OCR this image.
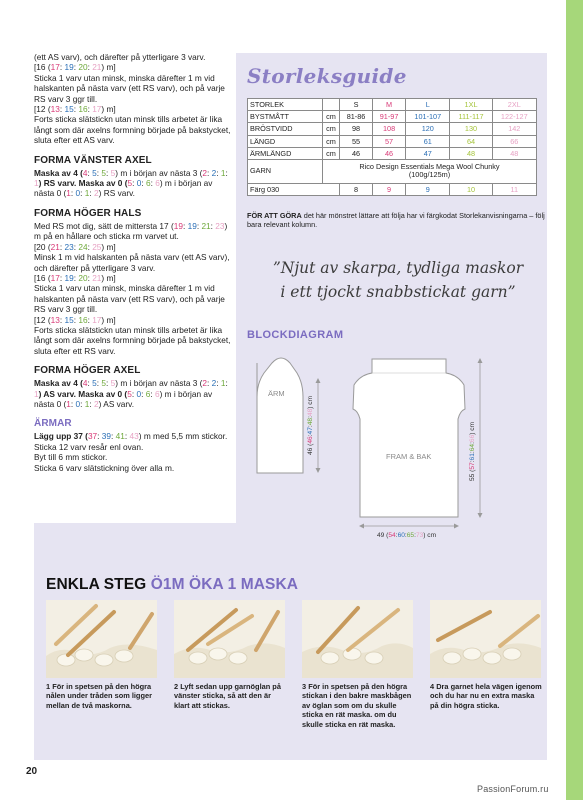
(ett AS varv), och därefter på ytterligare 3 varv.

[16 (17: 19: 20: 21) m]

Sticka 1 varv utan minsk, minska därefter 1 m vid halskanten på nästa varv (ett RS varv), och på varje RS varv 3 ggr till.

[12 (13: 15: 16: 17) m]

Forts sticka slätstickn utan minsk tills arbetet är lika långt som där axelns formning började på bakstycket, sluta efter ett AS varv.

FORMA VÄNSTER AXEL

Maska av 4 (4: 5: 5: 5) m i början av nästa 3 (2: 2: 1: 1) RS varv. Maska av 0 (5: 0: 6: 6) m i början av nästa 0 (1: 0: 1: 2) RS varv.

FORMA HÖGER HALS

Med RS mot dig, sätt de mittersta 17 (19: 19: 21: 23) m på en hållare och sticka rm varvet ut.

[20 (21: 23: 24: 25) m]

Minsk 1 m vid halskanten på nästa varv (ett AS varv), och därefter på ytterligare 3 varv.

[16 (17: 19: 20: 21) m]

Sticka 1 varv utan minsk, minska därefter 1 m vid halskanten på nästa varv (ett RS varv), och på varje RS varv 3 ggr till.

[12 (13: 15: 16: 17) m]

Forts sticka slätstickn utan minsk tills arbetet är lika långt som där axelns formning började på bakstycket, sluta efter ett RS varv.

FORMA HÖGER AXEL

Maska av 4 (4: 5: 5: 5) m i början av nästa 3 (2: 2: 1: 1) AS varv. Maska av 0 (5: 0: 6: 6) m i början av nästa 0 (1: 0: 1: 2) AS varv.

ÄRMAR

Lägg upp 37 (37: 39: 41: 43) m med 5,5 mm stickor.

Sticka 12 varv resår enl ovan.

Byt till 6 mm stickor.

Sticka 6 varv slätstickning över alla m.

Storleksguide
STORLEK		S	M	L	1XL	2XL
BYSTMÅTT	cm	81-86	91-97	101-107	111-117	122-127
BRÖSTVIDD	cm	98	108	120	130	142
LÄNGD	cm	55	57	61	64	66
ÄRMLÄNGD	cm	46	46	47	48	48
GARN	Rico Design Essentials Mega Wool Chunky
(100g/125m)					
Färg 030		8	9	9	10	11
FÖR ATT GÖRA det här mönstret lättare att följa har vi färgkodat Storlekanvisningarna – följ bara relevant kolumn.
”Njut av skarpa, tydliga maskor
i ett tjockt snabbstickat garn”
BLOCKDIAGRAM
ÄRM
46 (46:47:48:48) cm
FRAM & BAK
55 (57:61:64:66) cm
49 (54:60:65:73) cm
ENKLA STEG Ö1M ÖKA 1 MASKA
1 För in spetsen på den högra nålen under tråden som ligger mellan de två maskorna.
2 Lyft sedan upp garnöglan på vänster sticka, så att den är klart att stickas.
3 För in spetsen på den högra stickan i den bakre maskbågen av öglan som om du skulle sticka en rät maska. om du skulle sticka en rät maska.
4 Dra garnet hela vägen igenom och du har nu en extra maska på din högra sticka.
20
PassionForum.ru
